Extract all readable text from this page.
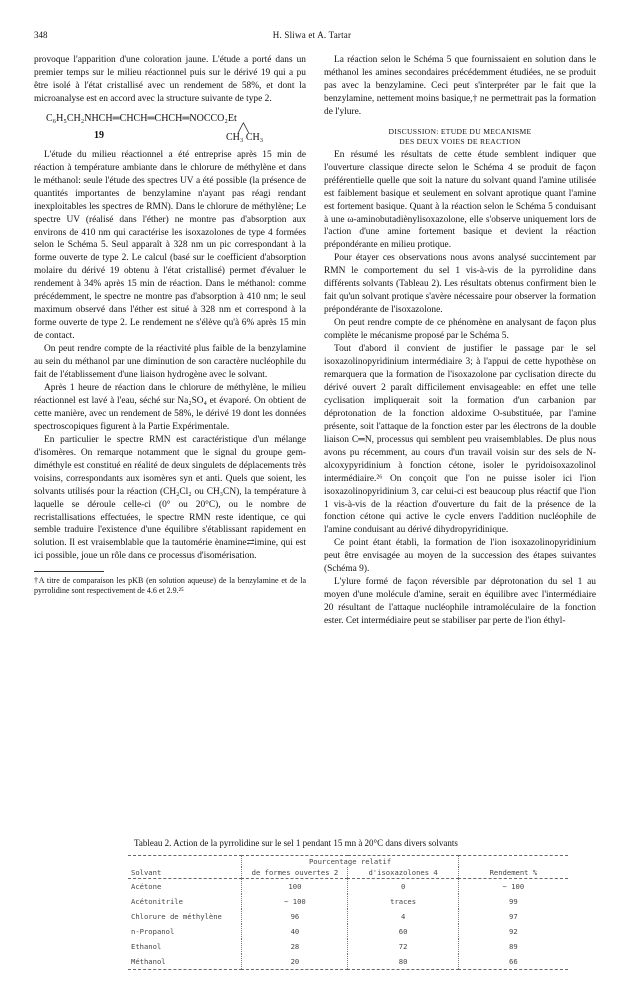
348	H. Sliwa et A. Tartar

provoque l'apparition d'une coloration jaune. L'étude a porté dans un premier temps sur le milieu réactionnel puis sur le dérivé 19 qui a pu être isolé à l'état cristallisé avec un rendement de 58%, et dont la microanalyse est en accord avec la structure suivante de type 2.

C₆H₅CH₂NHCH═CHCH═CHCH═NOCCO₂Et
19
╱╲
CH₃ CH₃

L'étude du milieu réactionnel a été entreprise après 15 min de réaction à température ambiante dans le chlorure de méthylène et dans le méthanol: seule l'étude des spectres UV a été possible (la présence de quantités importantes de benzylamine n'ayant pas réagi rendant inexploitables les spectres de RMN). Dans le chlorure de méthylène; Le spectre UV (réalisé dans l'éther) ne montre pas d'absorption aux environs de 410 nm qui caractérise les isoxazolones de type 4 formées selon le Schéma 5. Seul apparaît à 328 nm un pic correspondant à la forme ouverte de type 2. Le calcul (basé sur le coefficient d'absorption molaire du dérivé 19 obtenu à l'état cristallisé) permet d'évaluer le rendement à 34% après 15 min de réaction. Dans le méthanol: comme précédemment, le spectre ne montre pas d'absorption à 410 nm; le seul maximum observé dans l'éther est situé à 328 nm et correspond à la forme ouverte de type 2. Le rendement ne s'élève qu'à 6% après 15 min de contact.

On peut rendre compte de la réactivité plus faible de la benzylamine au sein du méthanol par une diminution de son caractère nucléophile du fait de l'établissement d'une liaison hydrogène avec le solvant.

Après 1 heure de réaction dans le chlorure de méthylène, le milieu réactionnel est lavé à l'eau, séché sur Na₂SO₄ et évaporé. On obtient de cette manière, avec un rendement de 58%, le dérivé 19 dont les données spectroscopiques figurent à la Partie Expérimentale.

En particulier le spectre RMN est caractéristique d'un mélange d'isomères. On remarque notamment que le signal du groupe gem-diméthyle est constitué en réalité de deux singulets de déplacements très voisins, correspondants aux isomères syn et anti. Quels que soient, les solvants utilisés pour la réaction (CH₂Cl₂ ou CH₃CN), la température à laquelle se déroule celle-ci (0° ou 20°C), ou le nombre de recristallisations effectuées, le spectre RMN reste identique, ce qui semble traduire l'existence d'une équilibre s'établissant rapidement en solution. Il est vraisemblable que la tautomérie ènamine⇄imine, qui est ici possible, joue un rôle dans ce processus d'isomérisation.

†A titre de comparaison les pKB (en solution aqueuse) de la benzylamine et de la pyrrolidine sont respectivement de 4.6 et 2.9.²⁵

La réaction selon le Schéma 5 que fournissaient en solution dans le méthanol les amines secondaires précédemment étudiées, ne se produit pas avec la benzylamine. Ceci peut s'interpréter par le fait que la benzylamine, nettement moins basique,† ne permettrait pas la formation de l'ylure.

DISCUSSION: ETUDE DU MECANISME
DES DEUX VOIES DE REACTION

En résumé les résultats de cette étude semblent indiquer que l'ouverture classique directe selon le Schéma 4 se produit de façon préférentielle quelle que soit la nature du solvant quand l'amine utilisée est faiblement basique et seulement en solvant aprotique quant l'amine est fortement basique. Quant à la réaction selon le Schéma 5 conduisant à une ω-aminobutadiènylisoxazolone, elle s'observe uniquement lors de l'action d'une amine fortement basique et devient la réaction prépondérante en milieu protique.

Pour étayer ces observations nous avons analysé succintement par RMN le comportement du sel 1 vis-à-vis de la pyrrolidine dans différents solvants (Tableau 2). Les résultats obtenus confirment bien le fait qu'un solvant protique s'avère nécessaire pour observer la formation prépondérante de l'isoxazolone.

On peut rendre compte de ce phénomène en analysant de façon plus complète le mécanisme proposé par le Schéma 5.

Tout d'abord il convient de justifier le passage par le sel isoxazolinopyridinium intermédiaire 3; à l'appui de cette hypothèse on remarquera que la formation de l'isoxazolone par cyclisation directe du dérivé ouvert 2 paraît difficilement envisageable: en effet une telle cyclisation impliquerait soit la formation d'un carbanion par déprotonation de la fonction aldoxime O-substituée, par l'amine présente, soit l'attaque de la fonction ester par les électrons de la double liaison C═N, processus qui semblent peu vraisemblables. De plus nous avons pu récemment, au cours d'un travail voisin sur des sels de N-alcoxypyridinium à fonction cétone, isoler le pyridoisoxazolinol intermédiaire.²⁶ On conçoit que l'on ne puisse isoler ici l'ion isoxazolinopyridinium 3, car celui-ci est beaucoup plus réactif que l'ion 1 vis-à-vis de la réaction d'ouverture du fait de la présence de la fonction cétone qui active le cycle envers l'addition nucléophile de l'amine conduisant au dérivé dihydropyridinique.

Ce point étant établi, la formation de l'ion isoxazolinopyridinium peut être envisagée au moyen de la succession des étapes suivantes (Schéma 9).

L'ylure formé de façon réversible par déprotonation du sel 1 au moyen d'une molécule d'amine, serait en équilibre avec l'intermédiaire 20 résultant de l'attaque nucléophile intramoléculaire de la fonction ester. Cet intermédiaire peut se stabiliser par perte de l'ion éthyl-

Tableau 2. Action de la pyrrolidine sur le sel 1 pendant 15 mn à 20°C dans divers solvants
	Pourcentage relatif		
Solvant	de formes ouvertes 2	d'isoxazolones 4	Rendement %
Acétone	100	0	∼ 100
Acétonitrile	∼ 100	traces	99
Chlorure de méthylène	96	4	97
n-Propanol	40	60	92
Ethanol	28	72	89
Méthanol	20	80	66
